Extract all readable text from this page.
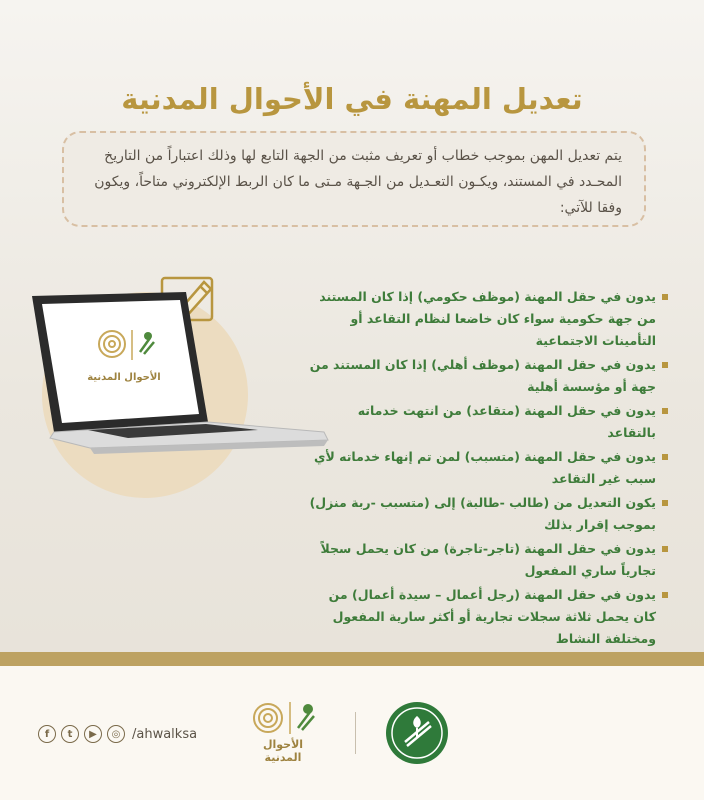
تعديل المهنة في الأحوال المدنية

يتم تعديل المهن بموجب خطاب أو تعريف مثبت من الجهة التابع لها وذلك اعتباراً من التاريخ المحـدد في المستند، ويكـون التعـديل من الجـهة مـتى ما كان الربط الإلكتروني متاحاً، ويكون وفقا للآتي:

الأحوال المدنية
يدون في حقل المهنة (موظف حكومي) إذا كان المستند من جهة حكومية سواء كان خاضعا لنظام التقاعد أو التأمينات الاجتماعية
يدون في حقل المهنة (موظف أهلي) إذا كان المستند من جهة أو مؤسسة أهلية
يدون في حقل المهنة (متقاعد) من انتهت خدماته بالتقاعد
يدون في حقل المهنة (متسبب) لمن تم إنهاء خدماته لأي سبب غير التقاعد
يكون التعديل من (طالب -طالبة) إلى (متسبب -ربة منزل) بموجب إقرار بذلك
يدون في حقل المهنة (تاجر-تاجرة) من كان يحمل سجلاً تجارياً ساري المفعول
يدون في حقل المهنة (رجل أعمال – سيدة أعمال) من كان يحمل ثلاثة سجلات تجارية أو أكثر سارية المفعول ومختلفة النشاط
f	t	▶	◎ /ahwalksa
الأحوال المدنية
